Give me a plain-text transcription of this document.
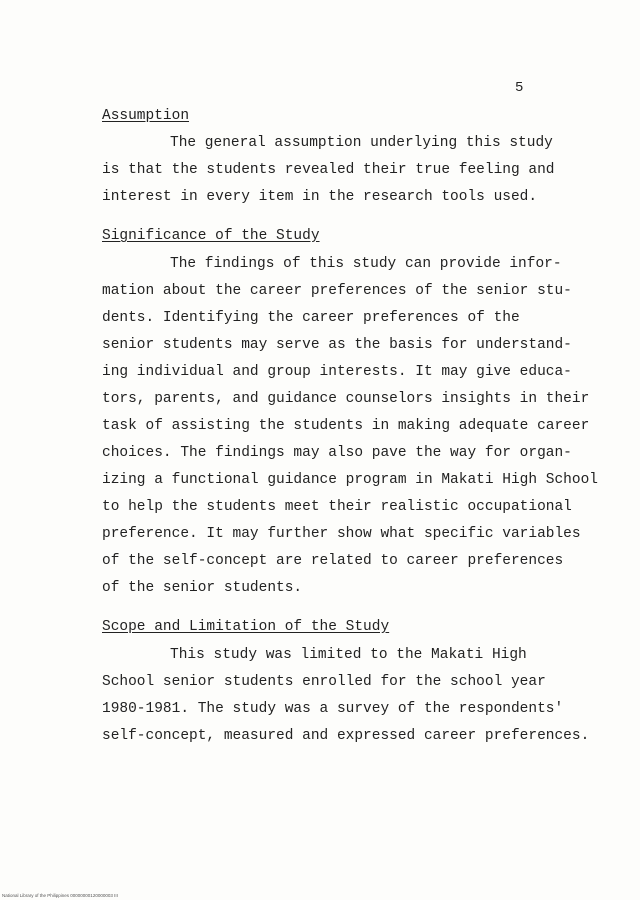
5
Assumption
The general assumption underlying this study
is that the students revealed their true feeling and
interest in every item in the research tools used.
Significance of the Study
The findings of this study can provide infor-
mation about the career preferences of the senior stu-
dents. Identifying the career preferences of the
senior students may serve as the basis for understand-
ing individual and group interests. It may give educa-
tors, parents, and guidance counselors insights in their
task of assisting the students in making adequate career
choices. The findings may also pave the way for organ-
izing a functional guidance program in Makati High School
to help the students meet their realistic occupational
preference. It may further show what specific variables
of the self-concept are related to career preferences
of the senior students.
Scope and Limitation of the Study
This study was limited to the Makati High
School senior students enrolled for the school year
1980-1981. The study was a survey of the respondents'
self-concept, measured and expressed career preferences.
National Library of the Philippines 00000000120000003 III
